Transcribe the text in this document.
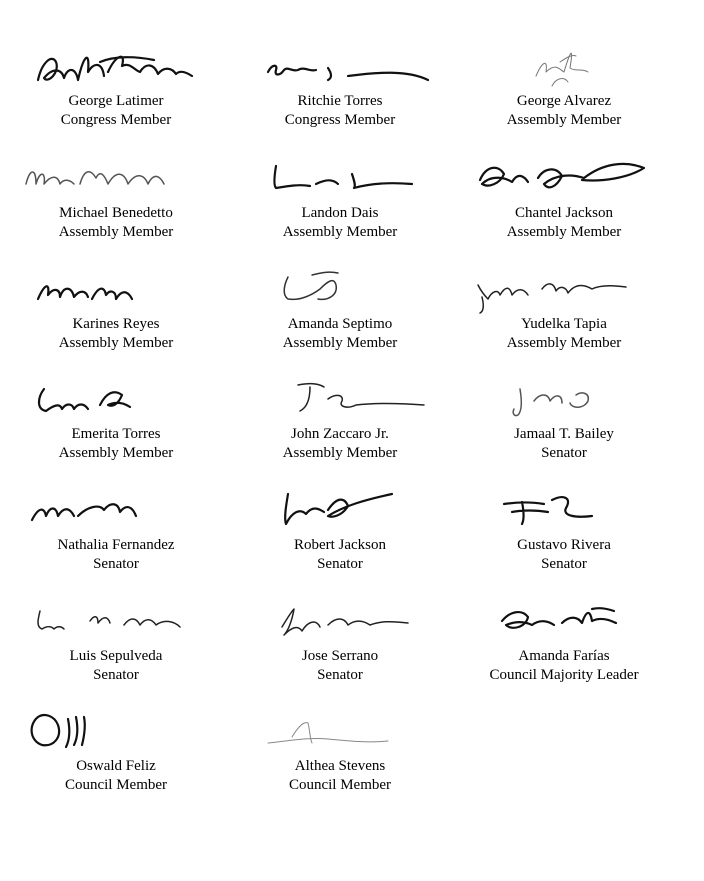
George Latimer
Congress Member
Ritchie Torres
Congress Member
George Alvarez
Assembly Member
Michael Benedetto
Assembly Member
Landon Dais
Assembly Member
Chantel Jackson
Assembly Member
Karines Reyes
Assembly Member
Amanda Septimo
Assembly Member
Yudelka Tapia
Assembly Member
Emerita Torres
Assembly Member
John Zaccaro Jr.
Assembly Member
Jamaal T. Bailey
Senator
Nathalia Fernandez
Senator
Robert Jackson
Senator
Gustavo Rivera
Senator
Luis Sepulveda
Senator
Jose Serrano
Senator
Amanda Farías
Council Majority Leader
Oswald Feliz
Council Member
Althea Stevens
Council Member
